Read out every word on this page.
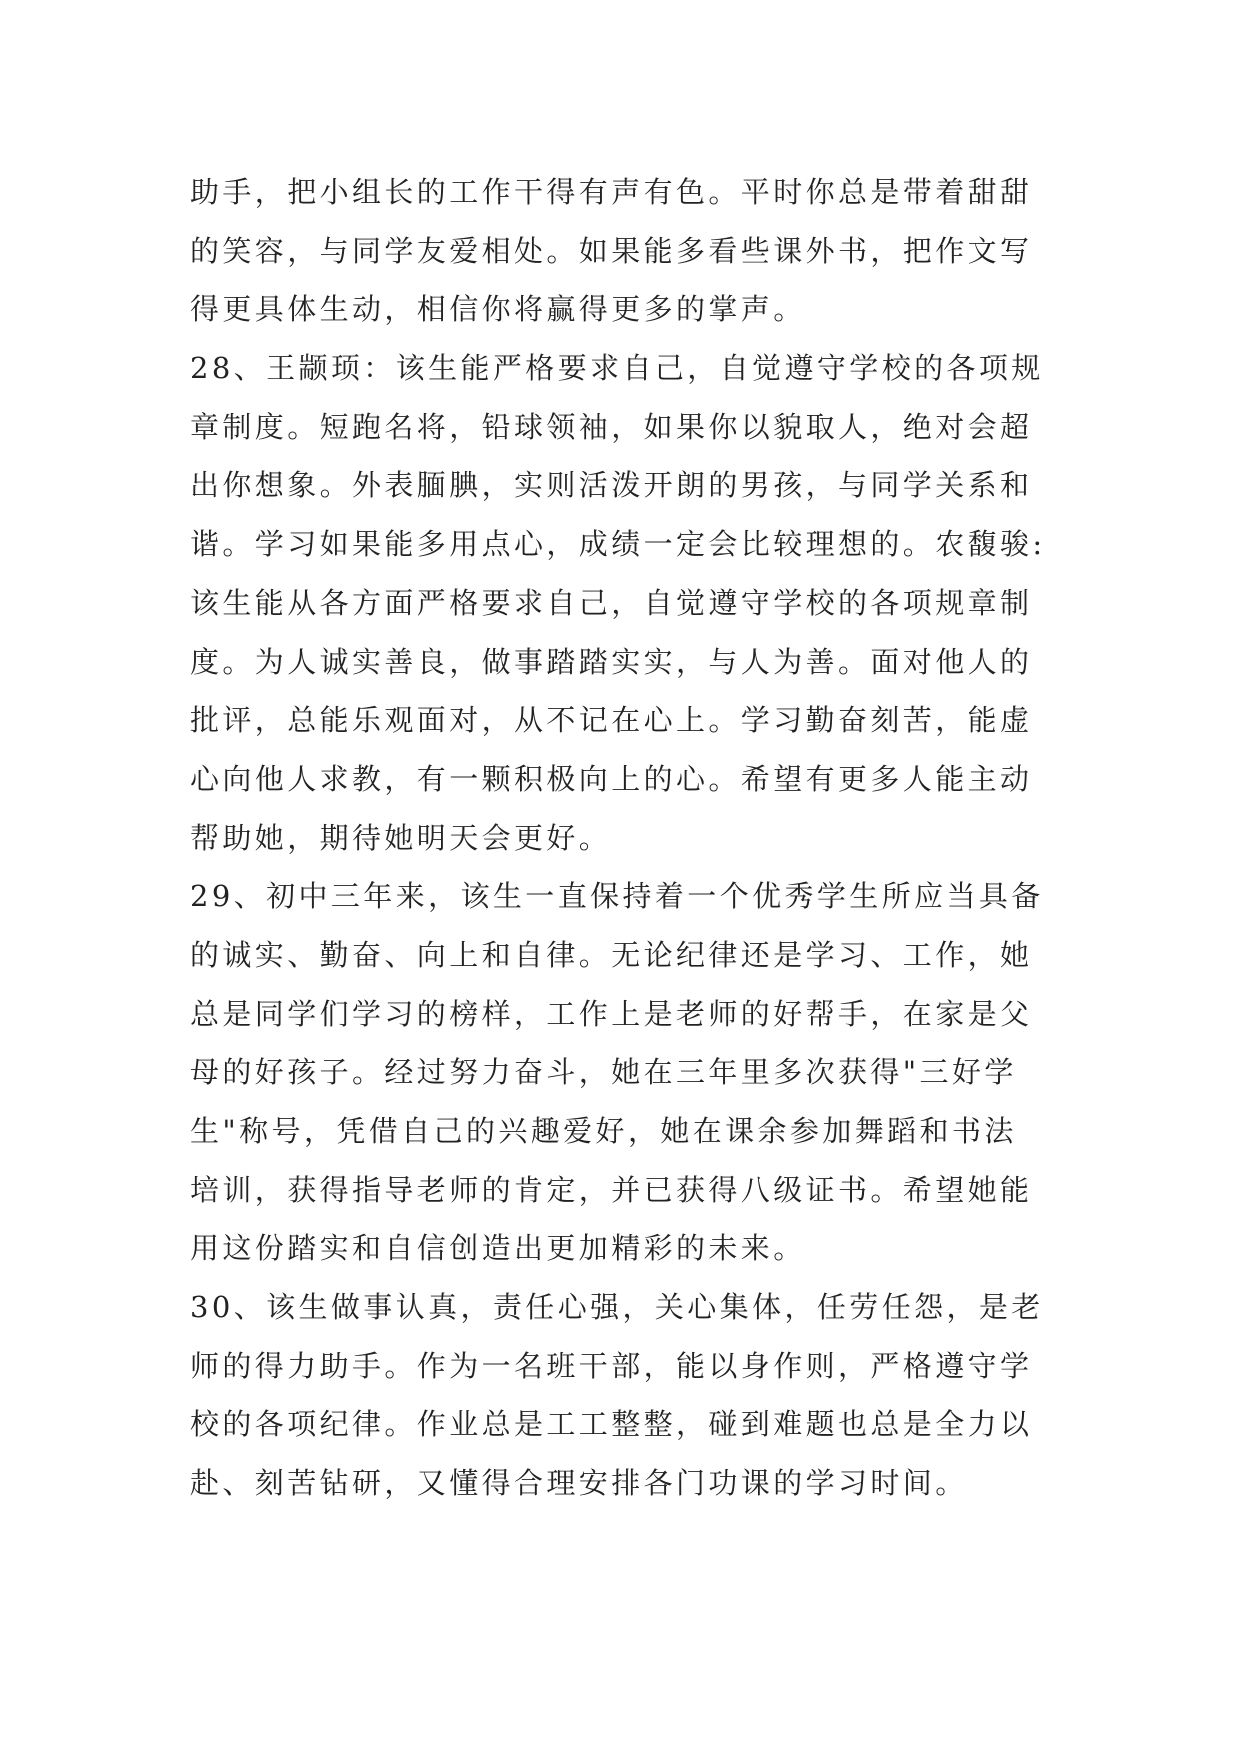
助手，把小组长的工作干得有声有色。平时你总是带着甜甜
的笑容，与同学友爱相处。如果能多看些课外书，把作文写
得更具体生动，相信你将赢得更多的掌声。
28、王颛顼：该生能严格要求自己，自觉遵守学校的各项规
章制度。短跑名将，铅球领袖，如果你以貌取人，绝对会超
出你想象。外表腼腆，实则活泼开朗的男孩，与同学关系和
谐。学习如果能多用点心，成绩一定会比较理想的。农馥骏:
该生能从各方面严格要求自己，自觉遵守学校的各项规章制
度。为人诚实善良，做事踏踏实实，与人为善。面对他人的
批评，总能乐观面对，从不记在心上。学习勤奋刻苦，能虚
心向他人求教，有一颗积极向上的心。希望有更多人能主动
帮助她，期待她明天会更好。
29、初中三年来，该生一直保持着一个优秀学生所应当具备
的诚实、勤奋、向上和自律。无论纪律还是学习、工作，她
总是同学们学习的榜样，工作上是老师的好帮手，在家是父
母的好孩子。经过努力奋斗，她在三年里多次获得"三好学
生"称号，凭借自己的兴趣爱好，她在课余参加舞蹈和书法
培训，获得指导老师的肯定，并已获得八级证书。希望她能
用这份踏实和自信创造出更加精彩的未来。
30、该生做事认真，责任心强，关心集体，任劳任怨，是老
师的得力助手。作为一名班干部，能以身作则，严格遵守学
校的各项纪律。作业总是工工整整，碰到难题也总是全力以
赴、刻苦钻研，又懂得合理安排各门功课的学习时间。
